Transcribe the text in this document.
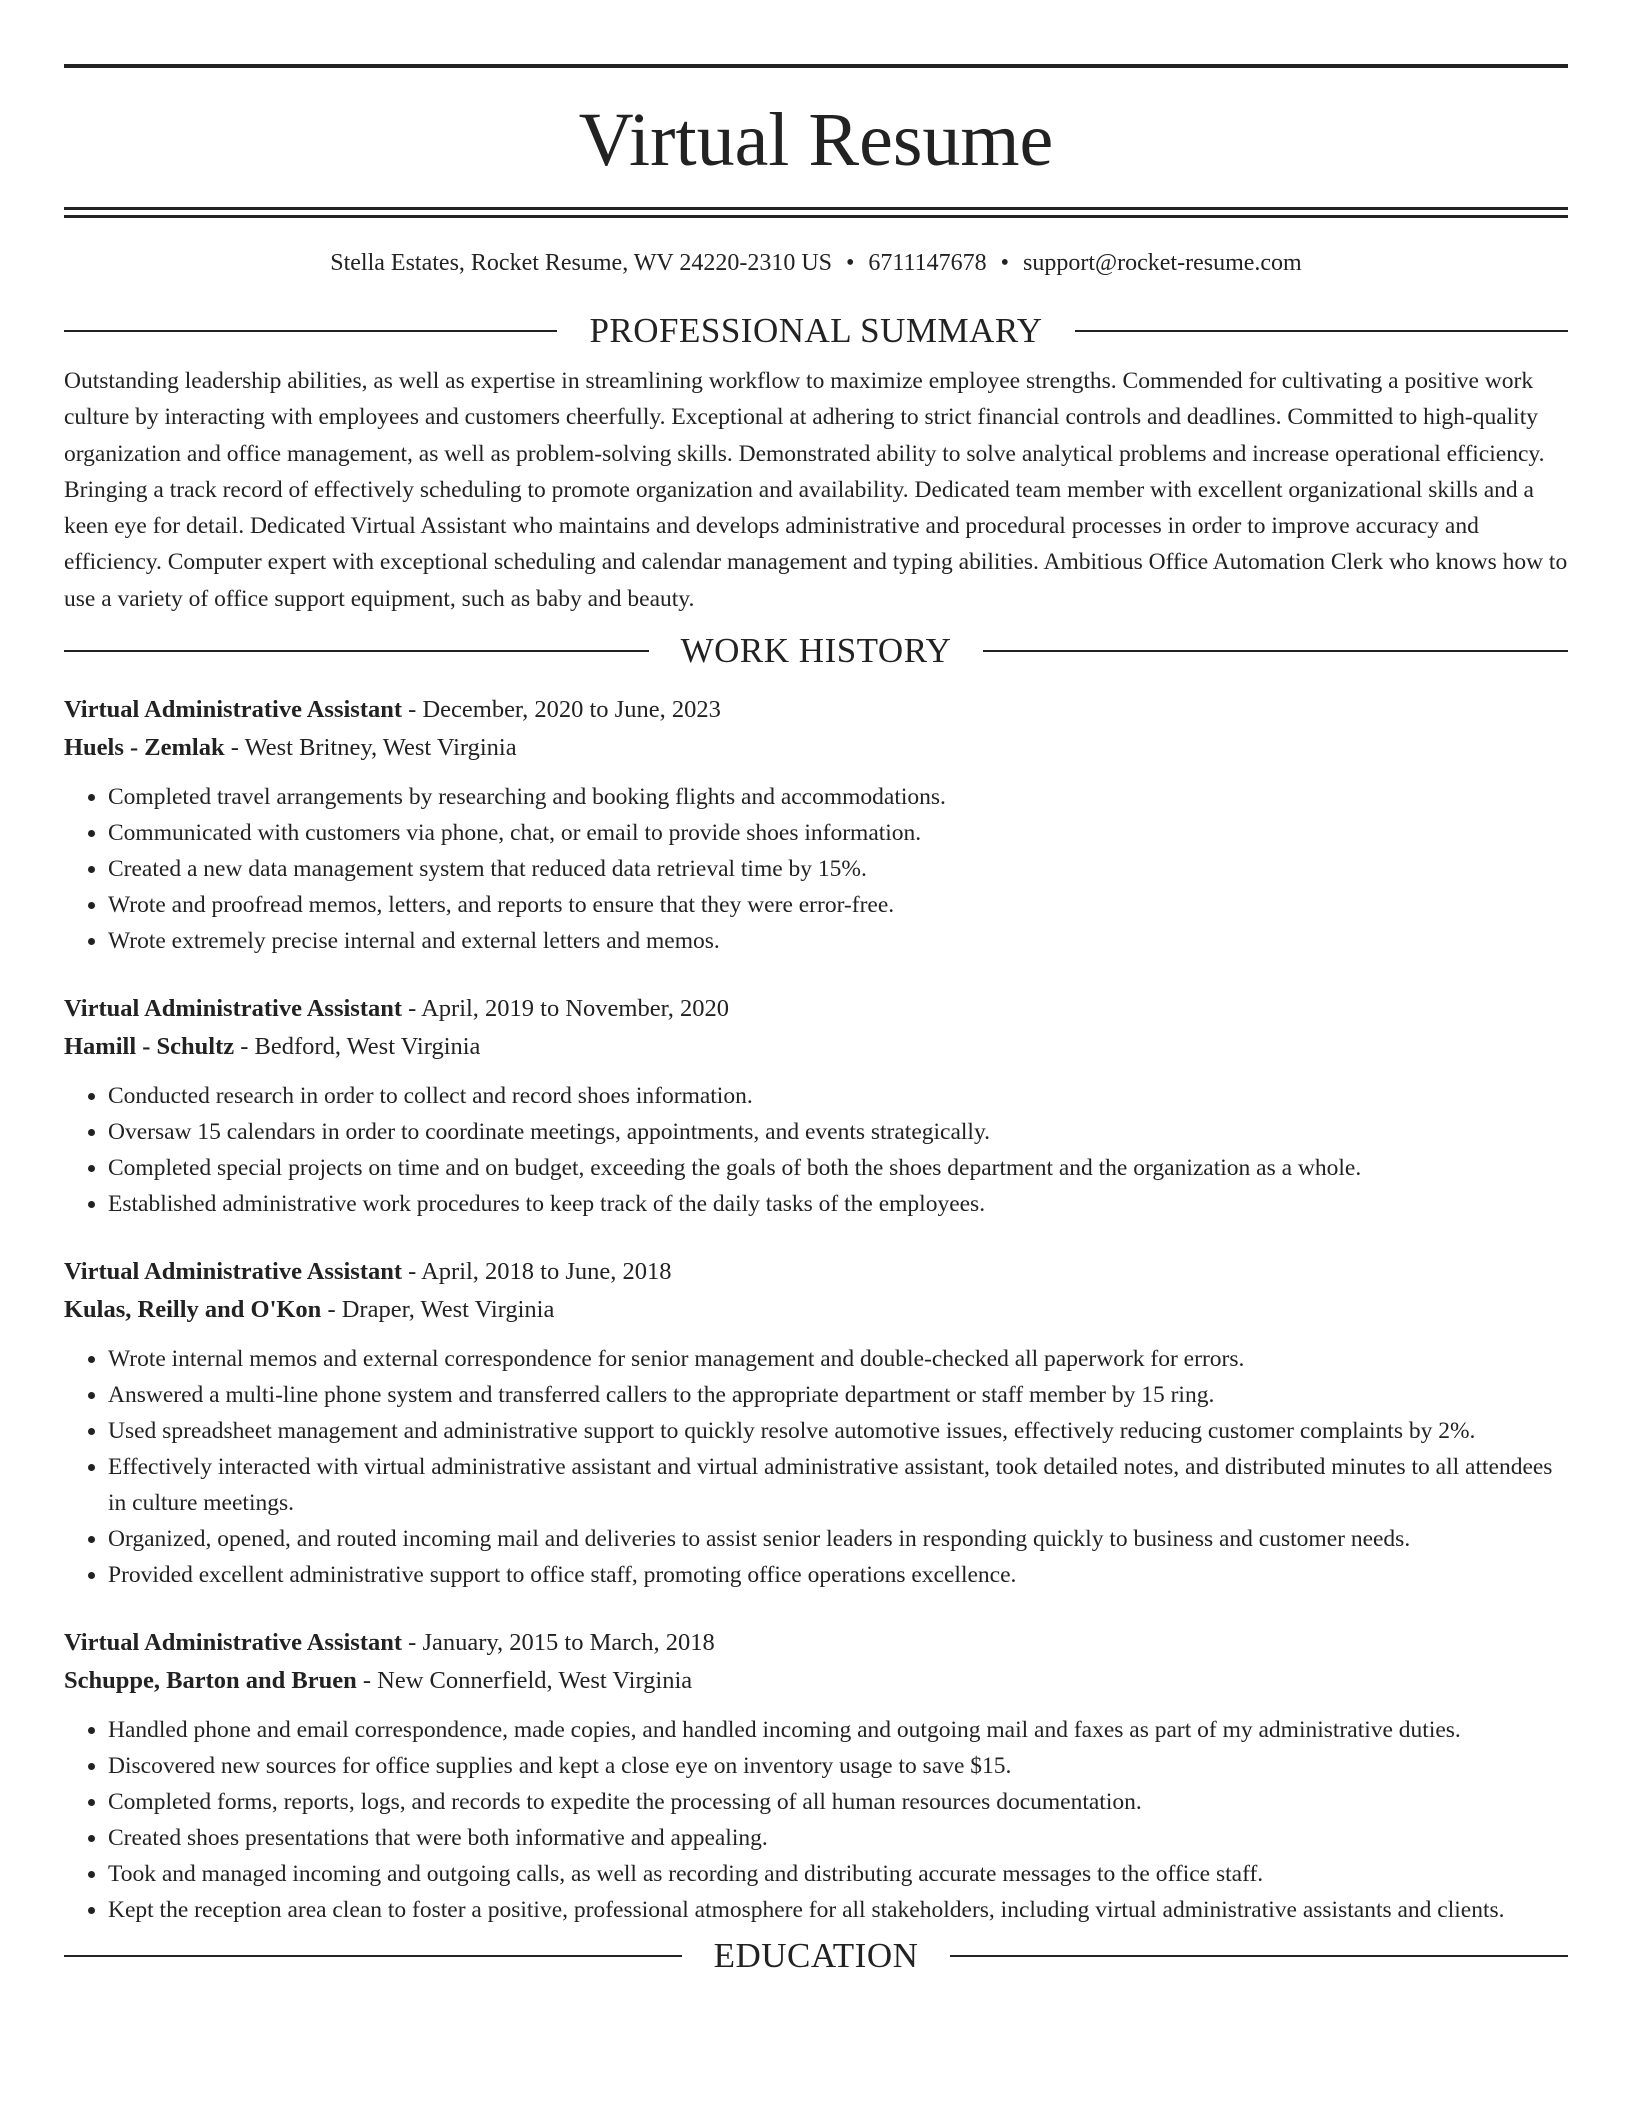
Virtual Resume
Stella Estates, Rocket Resume, WV 24220-2310 US • 6711147678 • support@rocket-resume.com
PROFESSIONAL SUMMARY
Outstanding leadership abilities, as well as expertise in streamlining workflow to maximize employee strengths. Commended for cultivating a positive work culture by interacting with employees and customers cheerfully. Exceptional at adhering to strict financial controls and deadlines. Committed to high-quality organization and office management, as well as problem-solving skills. Demonstrated ability to solve analytical problems and increase operational efficiency. Bringing a track record of effectively scheduling to promote organization and availability. Dedicated team member with excellent organizational skills and a keen eye for detail. Dedicated Virtual Assistant who maintains and develops administrative and procedural processes in order to improve accuracy and efficiency. Computer expert with exceptional scheduling and calendar management and typing abilities. Ambitious Office Automation Clerk who knows how to use a variety of office support equipment, such as baby and beauty.
WORK HISTORY
Virtual Administrative Assistant - December, 2020 to June, 2023
Huels - Zemlak - West Britney, West Virginia
• Completed travel arrangements by researching and booking flights and accommodations.
• Communicated with customers via phone, chat, or email to provide shoes information.
• Created a new data management system that reduced data retrieval time by 15%.
• Wrote and proofread memos, letters, and reports to ensure that they were error-free.
• Wrote extremely precise internal and external letters and memos.
Virtual Administrative Assistant - April, 2019 to November, 2020
Hamill - Schultz - Bedford, West Virginia
• Conducted research in order to collect and record shoes information.
• Oversaw 15 calendars in order to coordinate meetings, appointments, and events strategically.
• Completed special projects on time and on budget, exceeding the goals of both the shoes department and the organization as a whole.
• Established administrative work procedures to keep track of the daily tasks of the employees.
Virtual Administrative Assistant - April, 2018 to June, 2018
Kulas, Reilly and O'Kon - Draper, West Virginia
• Wrote internal memos and external correspondence for senior management and double-checked all paperwork for errors.
• Answered a multi-line phone system and transferred callers to the appropriate department or staff member by 15 ring.
• Used spreadsheet management and administrative support to quickly resolve automotive issues, effectively reducing customer complaints by 2%.
• Effectively interacted with virtual administrative assistant and virtual administrative assistant, took detailed notes, and distributed minutes to all attendees in culture meetings.
• Organized, opened, and routed incoming mail and deliveries to assist senior leaders in responding quickly to business and customer needs.
• Provided excellent administrative support to office staff, promoting office operations excellence.
Virtual Administrative Assistant - January, 2015 to March, 2018
Schuppe, Barton and Bruen - New Connerfield, West Virginia
• Handled phone and email correspondence, made copies, and handled incoming and outgoing mail and faxes as part of my administrative duties.
• Discovered new sources for office supplies and kept a close eye on inventory usage to save $15.
• Completed forms, reports, logs, and records to expedite the processing of all human resources documentation.
• Created shoes presentations that were both informative and appealing.
• Took and managed incoming and outgoing calls, as well as recording and distributing accurate messages to the office staff.
• Kept the reception area clean to foster a positive, professional atmosphere for all stakeholders, including virtual administrative assistants and clients.
EDUCATION
